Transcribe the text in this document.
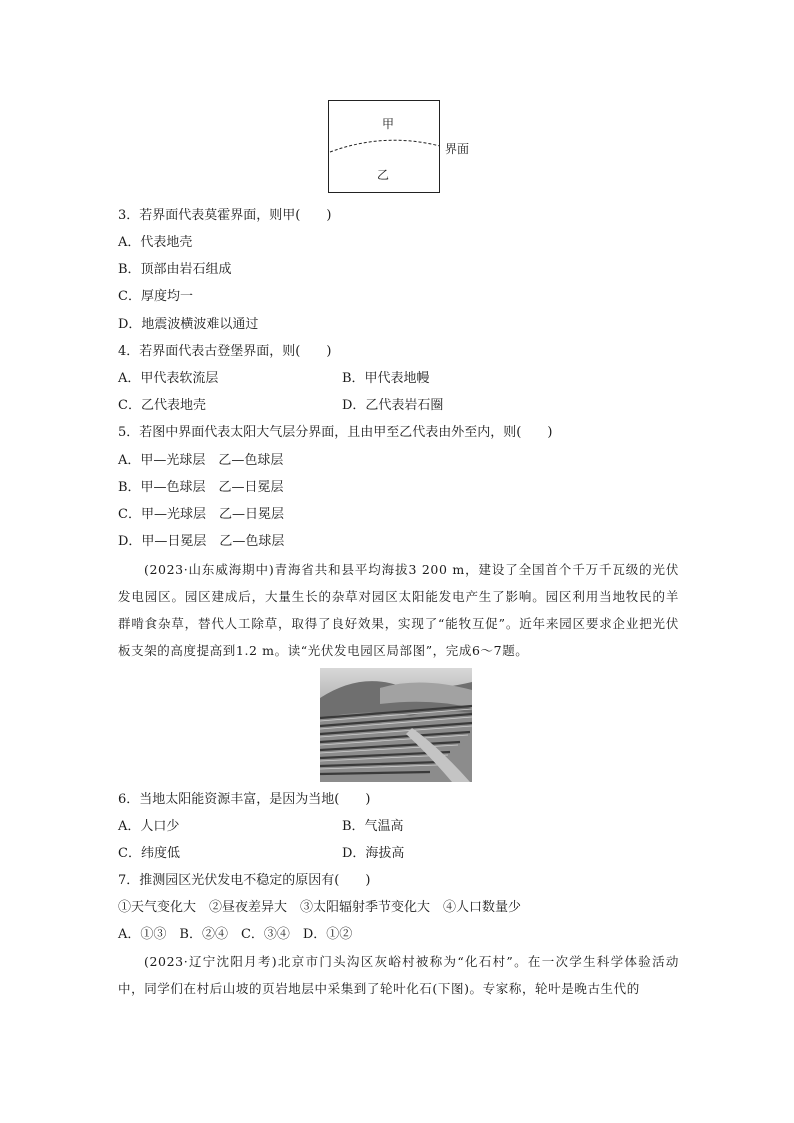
甲
乙
界面
3．若界面代表莫霍界面，则甲(　　)
A．代表地壳
B．顶部由岩石组成
C．厚度均一
D．地震波横波难以通过
4．若界面代表古登堡界面，则(　　)
A．甲代表软流层	B．甲代表地幔
C．乙代表地壳	D．乙代表岩石圈
5．若图中界面代表太阳大气层分界面，且由甲至乙代表由外至内，则(　　)
A．甲—光球层　乙—色球层
B．甲—色球层　乙—日冕层
C．甲—光球层　乙—日冕层
D．甲—日冕层　乙—色球层
(2023·山东威海期中)青海省共和县平均海拔3 200 m，建设了全国首个千万千瓦级的光伏发电园区。园区建成后，大量生长的杂草对园区太阳能发电产生了影响。园区利用当地牧民的羊群啃食杂草，替代人工除草，取得了良好效果，实现了“能牧互促”。近年来园区要求企业把光伏板支架的高度提高到1.2 m。读“光伏发电园区局部图”，完成6～7题。
6．当地太阳能资源丰富，是因为当地(　　)
A．人口少	B．气温高
C．纬度低	D．海拔高
7．推测园区光伏发电不稳定的原因有(　　)
①天气变化大　②昼夜差异大　③太阳辐射季节变化大　④人口数量少
A．①③　B．②④　C．③④　D．①②
(2023·辽宁沈阳月考)北京市门头沟区灰峪村被称为“化石村”。在一次学生科学体验活动中，同学们在村后山坡的页岩地层中采集到了轮叶化石(下图)。专家称，轮叶是晚古生代的
